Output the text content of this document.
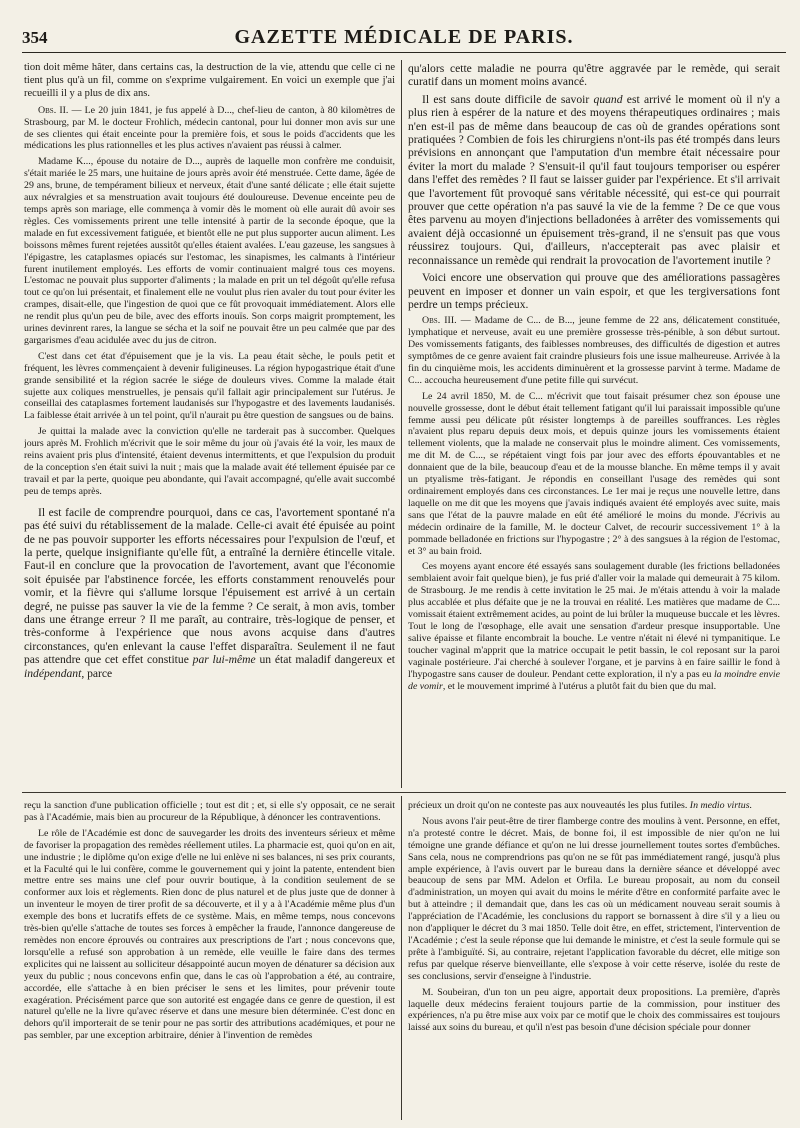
354	GAZETTE MÉDICALE DE PARIS.

tion doit même hâter, dans certains cas, la destruction de la vie, attendu que celle ci ne tient plus qu'à un fil, comme on s'exprime vulgairement. En voici un exemple que j'ai recueilli il y a plus de dix ans.

Obs. II. — Le 20 juin 1841, je fus appelé à D..., chef-lieu de canton, à 80 kilomètres de Strasbourg, par M. le docteur Frohlich, médecin cantonal, pour lui donner mon avis sur une de ses clientes qui était enceinte pour la première fois, et sous le poids d'accidents que les médications les plus rationnelles et les plus actives n'avaient pas réussi à calmer.

Madame K..., épouse du notaire de D..., auprès de laquelle mon confrère me conduisit, s'était mariée le 25 mars, une huitaine de jours après avoir été menstruée. Cette dame, âgée de 29 ans, brune, de tempérament bilieux et nerveux, était d'une santé délicate ; elle était sujette aux névralgies et sa menstruation avait toujours été douloureuse. Devenue enceinte peu de temps après son mariage, elle commença à vomir dès le moment où elle aurait dû avoir ses règles. Ces vomissements prirent une telle intensité à partir de la seconde époque, que la malade en fut excessivement fatiguée, et bientôt elle ne put plus supporter aucun aliment. Les boissons mêmes furent rejetées aussitôt qu'elles étaient avalées. L'eau gazeuse, les sangsues à l'épigastre, les cataplasmes opiacés sur l'estomac, les sinapismes, les calmants à l'intérieur furent inutilement employés. Les efforts de vomir continuaient malgré tous ces moyens. L'estomac ne pouvait plus supporter d'aliments ; la malade en prit un tel dégoût qu'elle refusa tout ce qu'on lui présentait, et finalement elle ne voulut plus rien avaler du tout pour éviter les crampes, disait-elle, que l'ingestion de quoi que ce fût provoquait immédiatement. Alors elle ne rendit plus qu'un peu de bile, avec des efforts inouïs. Son corps maigrit promptement, les urines devinrent rares, la langue se sécha et la soif ne pouvait être un peu calmée que par des gargarismes d'eau acidulée avec du jus de citron.

C'est dans cet état d'épuisement que je la vis. La peau était sèche, le pouls petit et fréquent, les lèvres commençaient à devenir fuligineuses. La région hypogastrique était d'une grande sensibilité et la région sacrée le siége de douleurs vives. Comme la malade était sujette aux coliques menstruelles, je pensais qu'il fallait agir principalement sur l'utérus. Je conseillai des cataplasmes fortement laudanisés sur l'hypogastre et des lavements laudanisés. La faiblesse était arrivée à un tel point, qu'il n'aurait pu être question de sangsues ou de bains.

Je quittai la malade avec la conviction qu'elle ne tarderait pas à succomber. Quelques jours après M. Frohlich m'écrivit que le soir même du jour où j'avais été la voir, les maux de reins avaient pris plus d'intensité, étaient devenus intermittents, et que l'expulsion du produit de la conception s'en était suivi la nuit ; mais que la malade avait été tellement épuisée par ce travail et par la perte, quoique peu abondante, qui l'avait accompagné, qu'elle avait succombé peu de temps après.

Il est facile de comprendre pourquoi, dans ce cas, l'avortement spontané n'a pas été suivi du rétablissement de la malade. Celle-ci avait été épuisée au point de ne pas pouvoir supporter les efforts nécessaires pour l'expulsion de l'œuf, et la perte, quelque insignifiante qu'elle fût, a entraîné la dernière étincelle vitale. Faut-il en conclure que la provocation de l'avortement, avant que l'économie soit épuisée par l'abstinence forcée, les efforts constamment renouvelés pour vomir, et la fièvre qui s'allume lorsque l'épuisement est arrivé à un certain degré, ne puisse pas sauver la vie de la femme ? Ce serait, à mon avis, tomber dans une étrange erreur ? Il me paraît, au contraire, très-logique de penser, et très-conforme à l'expérience que nous avons acquise dans d'autres circonstances, qu'en enlevant la cause l'effet disparaîtra. Seulement il ne faut pas attendre que cet effet constitue par lui-même un état maladif dangereux et indépendant, parce

qu'alors cette maladie ne pourra qu'être aggravée par le remède, qui serait curatif dans un moment moins avancé.

Il est sans doute difficile de savoir quand est arrivé le moment où il n'y a plus rien à espérer de la nature et des moyens thérapeutiques ordinaires ; mais n'en est-il pas de même dans beaucoup de cas où de grandes opérations sont pratiquées ? Combien de fois les chirurgiens n'ont-ils pas été trompés dans leurs prévisions en annonçant que l'amputation d'un membre était nécessaire pour éviter la mort du malade ? S'ensuit-il qu'il faut toujours temporiser ou espérer dans l'effet des remèdes ? Il faut se laisser guider par l'expérience. Et s'il arrivait que l'avortement fût provoqué sans véritable nécessité, qui est-ce qui pourrait prouver que cette opération n'a pas sauvé la vie de la femme ? De ce que vous êtes parvenu au moyen d'injections belladonées à arrêter des vomissements qui avaient déjà occasionné un épuisement très-grand, il ne s'ensuit pas que vous réussirez toujours. Qui, d'ailleurs, n'accepterait pas avec plaisir et reconnaissance un remède qui rendrait la provocation de l'avortement inutile ?

Voici encore une observation qui prouve que des améliorations passagères peuvent en imposer et donner un vain espoir, et que les tergiversations font perdre un temps précieux.

Obs. III. — Madame de C... de B..., jeune femme de 22 ans, délicatement constituée, lymphatique et nerveuse, avait eu une première grossesse très-pénible, à son début surtout. Des vomissements fatigants, des faiblesses nombreuses, des difficultés de digestion et autres symptômes de ce genre avaient fait craindre plusieurs fois une issue malheureuse. Arrivée à la fin du cinquième mois, les accidents diminuèrent et la grossesse parvint à terme. Madame de C... accoucha heureusement d'une petite fille qui survécut.

Le 24 avril 1850, M. de C... m'écrivit que tout faisait présumer chez son épouse une nouvelle grossesse, dont le début était tellement fatigant qu'il lui paraissait impossible qu'une femme aussi peu délicate pût résister longtemps à de pareilles souffrances. Les règles n'avaient plus reparu depuis deux mois, et depuis quinze jours les vomissements étaient tellement violents, que la malade ne conservait plus le moindre aliment. Ces vomissements, me dit M. de C..., se répétaient vingt fois par jour avec des efforts épouvantables et ne donnaient que de la bile, beaucoup d'eau et de la mousse blanche. En même temps il y avait un ptyalisme très-fatigant. Je répondis en conseillant l'usage des remèdes qui sont ordinairement employés dans ces circonstances. Le 1er mai je reçus une nouvelle lettre, dans laquelle on me dit que les moyens que j'avais indiqués avaient été employés avec suite, mais sans que l'état de la pauvre malade en eût été amélioré le moins du monde. J'écrivis au médecin ordinaire de la famille, M. le docteur Calvet, de recourir successivement 1° à la pommade belladonée en frictions sur l'hypogastre ; 2° à des sangsues à la région de l'estomac, et 3° au bain froid.

Ces moyens ayant encore été essayés sans soulagement durable (les frictions belladonées semblaient avoir fait quelque bien), je fus prié d'aller voir la malade qui demeurait à 75 kilom. de Strasbourg. Je me rendis à cette invitation le 25 mai. Je m'étais attendu à voir la malade plus accablée et plus défaite que je ne la trouvai en réalité. Les matières que madame de C... vomissait étaient extrêmement acides, au point de lui brûler la muqueuse buccale et les lèvres. Tout le long de l'œsophage, elle avait une sensation d'ardeur presque insupportable. Une salive épaisse et filante encombrait la bouche. Le ventre n'était ni élevé ni tympanitique. Le toucher vaginal m'apprit que la matrice occupait le petit bassin, le col reposant sur la paroi vaginale postérieure. J'ai cherché à soulever l'organe, et je parvins à en faire saillir le fond à l'hypogastre sans causer de douleur. Pendant cette exploration, il n'y a pas eu la moindre envie de vomir, et le mouvement imprimé à l'utérus a plutôt fait du bien que du mal.

reçu la sanction d'une publication officielle ; tout est dit ; et, si elle s'y opposait, ce ne serait pas à l'Académie, mais bien au procureur de la République, à dénoncer les contraventions.

Le rôle de l'Académie est donc de sauvegarder les droits des inventeurs sérieux et même de favoriser la propagation des remèdes réellement utiles. La pharmacie est, quoi qu'on en ait, une industrie ; le diplôme qu'on exige d'elle ne lui enlève ni ses balances, ni ses prix courants, et la Faculté qui le lui confère, comme le gouvernement qui y joint la patente, entendent bien mettre entre ses mains une clef pour ouvrir boutique, à la condition seulement de se conformer aux lois et règlements. Rien donc de plus naturel et de plus juste que de donner à un inventeur le moyen de tirer profit de sa découverte, et il y a à l'Académie même plus d'un exemple des bons et lucratifs effets de ce système. Mais, en même temps, nous concevons très-bien qu'elle s'attache de toutes ses forces à empêcher la fraude, l'annonce dangereuse de remèdes non encore éprouvés ou contraires aux prescriptions de l'art ; nous concevons que, lorsqu'elle a refusé son approbation à un remède, elle veuille le faire dans des termes explicites qui ne laissent au solliciteur désappointé aucun moyen de dénaturer sa décision aux yeux du public ; nous concevons enfin que, dans le cas où l'approbation a été, au contraire, accordée, elle s'attache à en bien préciser le sens et les limites, pour prévenir toute exagération. Précisément parce que son autorité est engagée dans ce genre de question, il est naturel qu'elle ne la livre qu'avec réserve et dans une mesure bien déterminée. C'est donc en dehors qu'il importerait de se tenir pour ne pas sortir des attributions académiques, et pour ne pas sembler, par une exception arbitraire, dénier à l'invention de remèdes

précieux un droit qu'on ne conteste pas aux nouveautés les plus futiles. In medio virtus.

Nous avons l'air peut-être de tirer flamberge contre des moulins à vent. Personne, en effet, n'a protesté contre le décret. Mais, de bonne foi, il est impossible de nier qu'on ne lui témoigne une grande défiance et qu'on ne lui dresse journellement toutes sortes d'embûches. Sans cela, nous ne comprendrions pas qu'on ne se fût pas immédiatement rangé, jusqu'à plus ample expérience, à l'avis ouvert par le bureau dans la dernière séance et développé avec beaucoup de sens par MM. Adelon et Orfila. Le bureau proposait, au nom du conseil d'administration, un moyen qui avait du moins le mérite d'être en conformité parfaite avec le but à atteindre ; il demandait que, dans les cas où un médicament nouveau serait soumis à l'appréciation de l'Académie, les conclusions du rapport se bornassent à dire s'il y a lieu ou non d'appliquer le décret du 3 mai 1850. Telle doit être, en effet, strictement, l'intervention de l'Académie ; c'est la seule réponse que lui demande le ministre, et c'est la seule formule qui se prête à l'ambiguïté. Si, au contraire, rejetant l'application favorable du décret, elle mitige son refus par quelque réserve bienveillante, elle s'expose à voir cette réserve, isolée du reste de ses conclusions, servir d'enseigne à l'industrie.

M. Soubeiran, d'un ton un peu aigre, apportait deux propositions. La première, d'après laquelle deux médecins feraient toujours partie de la commission, pour instituer des expériences, n'a pu être mise aux voix par ce motif que le choix des commissaires est toujours laissé aux soins du bureau, et qu'il n'est pas besoin d'une décision spéciale pour donner
